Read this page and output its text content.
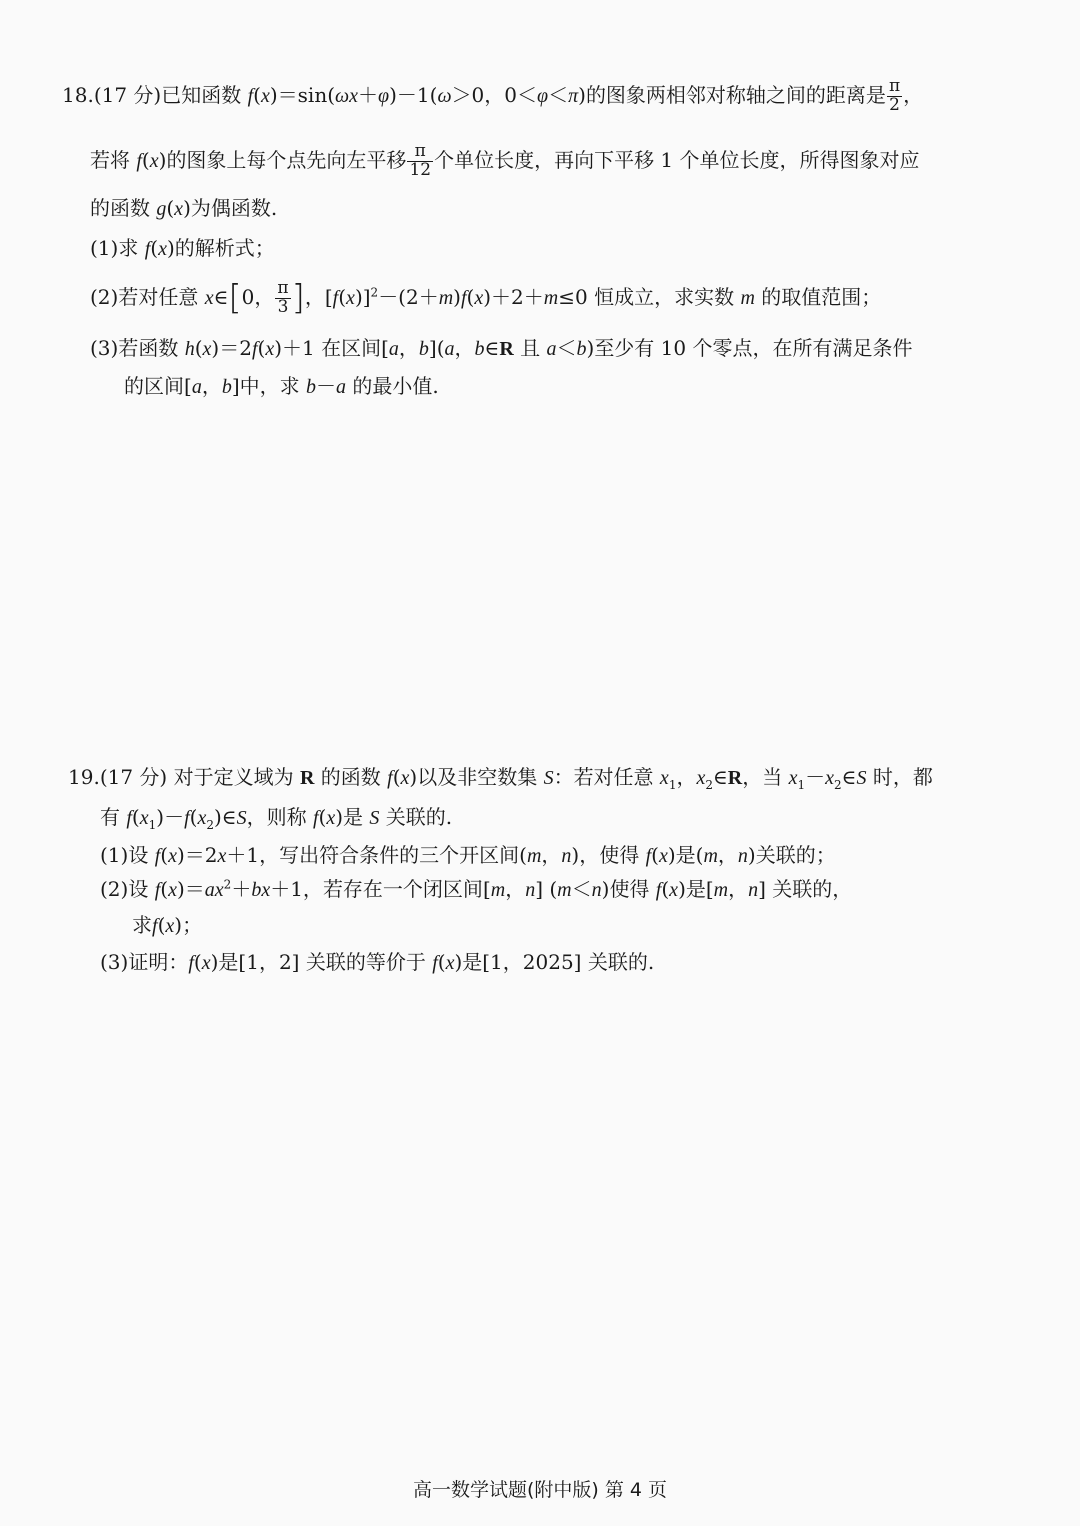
18.(17 分)已知函数 f(x)＝sin(ωx＋φ)－1(ω＞0，0＜φ＜π)的图象两相邻对称轴之间的距离是 $\frac{\pi}{2}$ ，
若将 f(x)的图象上每个点先向左平移 $\frac{\pi}{12}$ 个单位长度，再向下平移 1 个单位长度，所得图象对应
的函数 g(x)为偶函数.
(1)求 f(x)的解析式；
(2)若对任意 x∈[0， $\frac{\pi}{3}$ ]，$[f(x)]^2-(2+m)f(x)+2+m\le 0$ 恒成立，求实数 m 的取值范围；
(3)若函数 h(x)＝2f(x)＋1 在区间[a，b](a，b∈R 且 a＜b)至少有 10 个零点，在所有满足条件
的区间[a，b]中，求 b－a 的最小值.
19.(17 分) 对于定义域为 R 的函数 f(x)以及非空数集 S：若对任意 $x_1$，$x_2\in R$，当 $x_1-x_2\in S$ 时，都
有 $f(x_1)-f(x_2)\in S$，则称 f(x)是 S 关联的.
(1)设 f(x)＝2x＋1，写出符合条件的三个开区间(m，n)，使得 f(x)是(m，n)关联的；
(2)设 $f(x)=ax^2+bx+1$，若存在一个闭区间[m，n] (m＜n)使得 f(x)是[m，n] 关联的，
求f(x)；
(3)证明：f(x)是[1，2] 关联的等价于 f(x)是[1，2025] 关联的.
高一数学试题(附中版) 第 4 页
